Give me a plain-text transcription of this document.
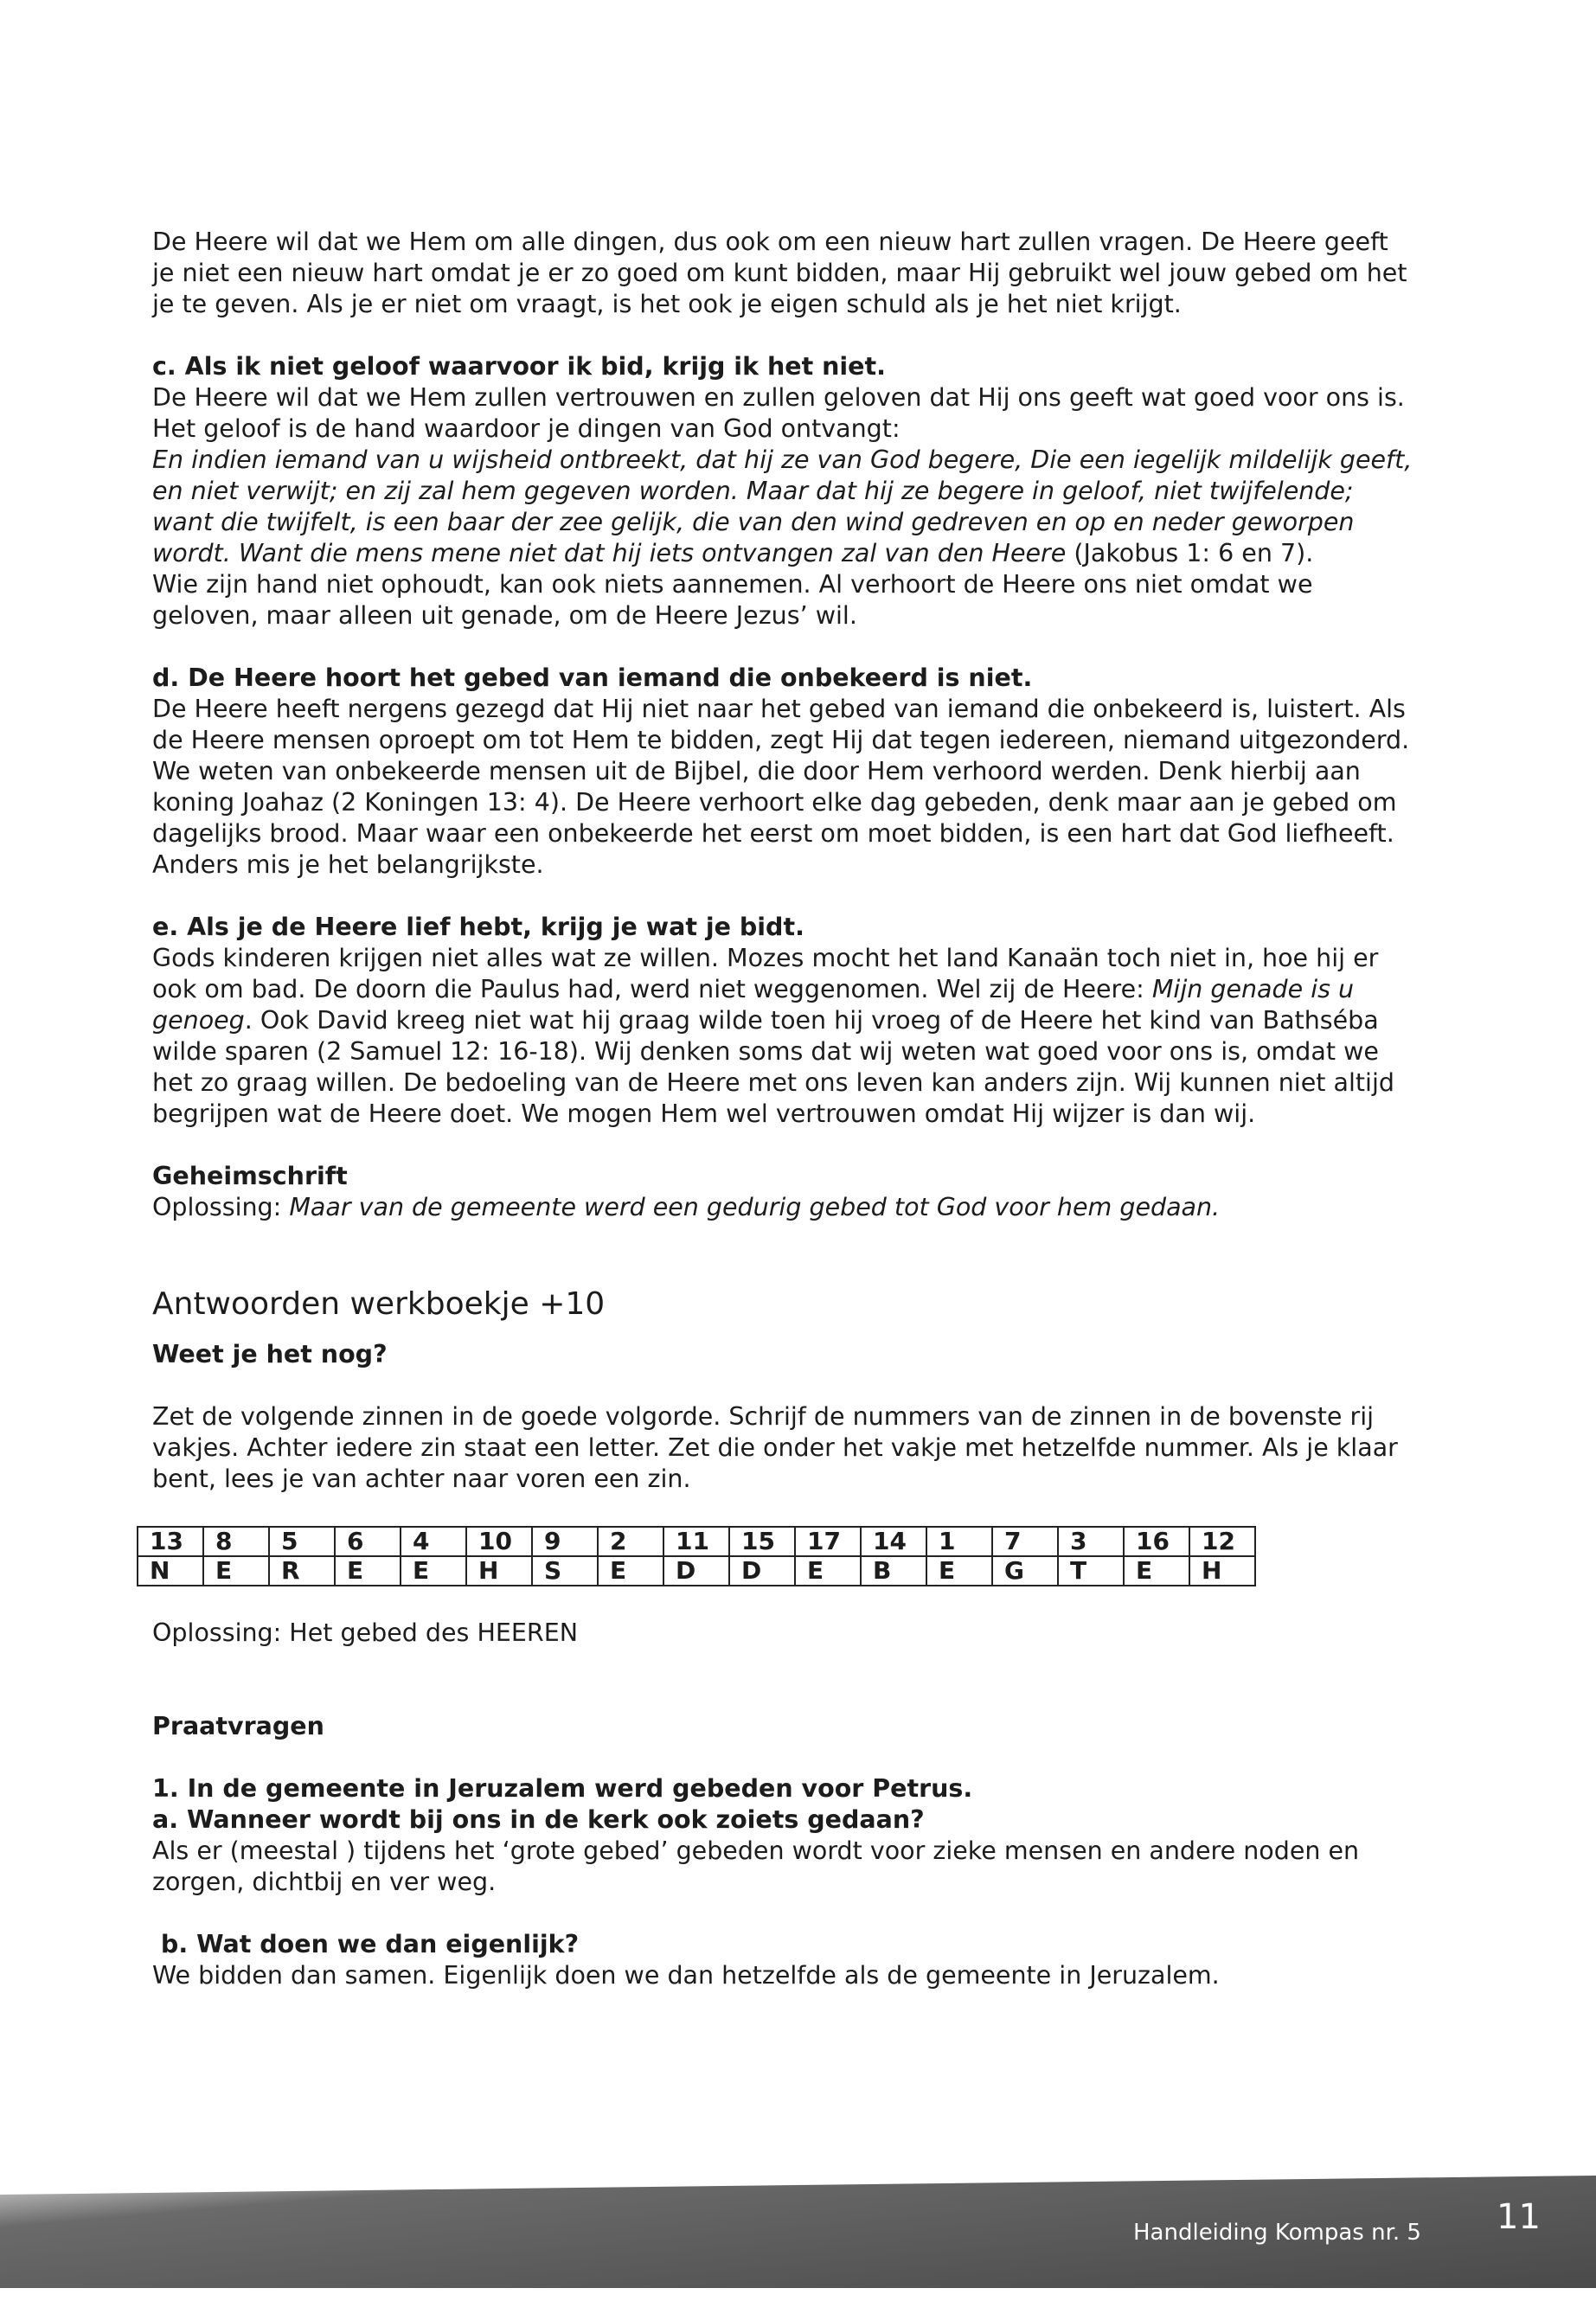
De Heere wil dat we Hem om alle dingen, dus ook om een nieuw hart zullen vragen. De Heere geeft je niet een nieuw hart omdat je er zo goed om kunt bidden, maar Hij gebruikt wel jouw gebed om het je te geven. Als je er niet om vraagt, is het ook je eigen schuld als je het niet krijgt.

c. Als ik niet geloof waarvoor ik bid, krijg ik het niet.

De Heere wil dat we Hem zullen vertrouwen en zullen geloven dat Hij ons geeft wat goed voor ons is.

Het geloof is de hand waardoor je dingen van God ontvangt:

En indien iemand van u wijsheid ontbreekt, dat hij ze van God begere, Die een iegelijk mildelijk geeft, en niet verwijt; en zij zal hem gegeven worden. Maar dat hij ze begere in geloof, niet twijfelende; want die twijfelt, is een baar der zee gelijk, die van den wind gedreven en op en neder geworpen wordt. Want die mens mene niet dat hij iets ontvangen zal van den Heere (Jakobus 1: 6 en 7).

Wie zijn hand niet ophoudt, kan ook niets aannemen. Al verhoort de Heere ons niet omdat we geloven, maar alleen uit genade, om de Heere Jezus’ wil.

d. De Heere hoort het gebed van iemand die onbekeerd is niet.

De Heere heeft nergens gezegd dat Hij niet naar het gebed van iemand die onbekeerd is, luistert. Als de Heere mensen oproept om tot Hem te bidden, zegt Hij dat tegen iedereen, niemand uitgezonderd. We weten van onbekeerde mensen uit de Bijbel, die door Hem verhoord werden. Denk hierbij aan koning Joahaz (2 Koningen 13: 4). De Heere verhoort elke dag gebeden, denk maar aan je gebed om dagelijks brood. Maar waar een onbekeerde het eerst om moet bidden, is een hart dat God liefheeft. Anders mis je het belangrijkste.

e. Als je de Heere lief hebt, krijg je wat je bidt.

Gods kinderen krijgen niet alles wat ze willen. Mozes mocht het land Kanaän toch niet in, hoe hij er ook om bad. De doorn die Paulus had, werd niet weggenomen. Wel zij de Heere: Mijn genade is u genoeg. Ook David kreeg niet wat hij graag wilde toen hij vroeg of de Heere het kind van Bathséba wilde sparen (2 Samuel 12: 16-18). Wij denken soms dat wij weten wat goed voor ons is, omdat we het zo graag willen. De bedoeling van de Heere met ons leven kan anders zijn. Wij kunnen niet altijd begrijpen wat de Heere doet. We mogen Hem wel vertrouwen omdat Hij wijzer is dan wij.

Geheimschrift

Oplossing: Maar van de gemeente werd een gedurig gebed tot God voor hem gedaan.

Antwoorden werkboekje +10

Weet je het nog?

Zet de volgende zinnen in de goede volgorde. Schrijf de nummers van de zinnen in de bovenste rij vakjes. Achter iedere zin staat een letter. Zet die onder het vakje met hetzelfde nummer. Als je klaar bent, lees je van achter naar voren een zin.

13	8	5	6	4	10	9	2	11	15	17	14	1	7	3	16	12
N	E	R	E	E	H	S	E	D	D	E	B	E	G	T	E	H

Oplossing: Het gebed des HEEREN

Praatvragen

1. In de gemeente in Jeruzalem werd gebeden voor Petrus.

a. Wanneer wordt bij ons in de kerk ook zoiets gedaan?

Als er (meestal ) tijdens het ‘grote gebed’ gebeden wordt voor zieke mensen en andere noden en zorgen, dichtbij en ver weg.

b. Wat doen we dan eigenlijk?

We bidden dan samen. Eigenlijk doen we dan hetzelfde als de gemeente in Jeruzalem.

Handleiding Kompas nr. 5 11
